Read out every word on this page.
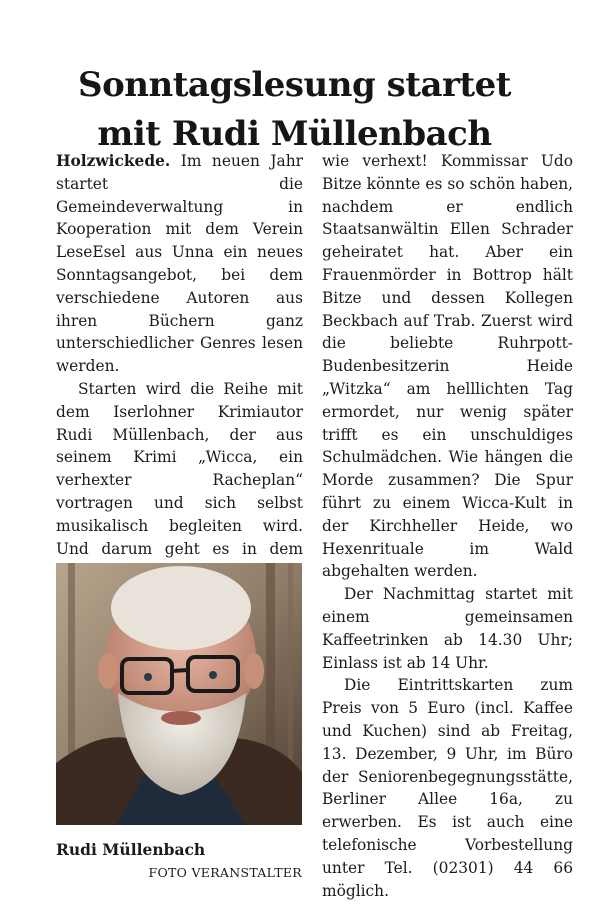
Sonntagslesung startet
mit Rudi Müllenbach

Holzwickede. Im neuen Jahr startet die Gemeindeverwaltung in Kooperation mit dem Verein LeseEsel aus Unna ein neues Sonntagsangebot, bei dem verschiedene Autoren aus ihren Büchern ganz unterschiedlicher Genres lesen werden.

Starten wird die Reihe mit dem Iserlohner Krimiautor Rudi Müllenbach, der aus seinem Krimi „Wicca, ein verhexter Racheplan“ vortragen und sich selbst musikalisch begleiten wird. Und darum geht es in dem

Rudi Müllenbach
FOTO VERANSTALTER

wie verhext! Kommissar Udo Bitze könnte es so schön haben, nachdem er endlich Staatsanwältin Ellen Schrader geheiratet hat. Aber ein Frauenmörder in Bottrop hält Bitze und dessen Kollegen Beckbach auf Trab. Zuerst wird die beliebte Ruhrpott-Budenbesitzerin Heide „Witzka“ am helllichten Tag ermordet, nur wenig später trifft es ein unschuldiges Schulmädchen. Wie hängen die Morde zusammen? Die Spur führt zu einem Wicca-Kult in der Kirchheller Heide, wo Hexenrituale im Wald abgehalten werden.

Der Nachmittag startet mit einem gemeinsamen Kaffeetrinken ab 14.30 Uhr; Einlass ist ab 14 Uhr.

Die Eintrittskarten zum Preis von 5 Euro (incl. Kaffee und Kuchen) sind ab Freitag, 13. Dezember, 9 Uhr, im Büro der Seniorenbegegnungsstätte, Berliner Allee 16a, zu erwerben. Es ist auch eine telefonische Vorbestellung unter Tel. (02301) 44 66 möglich.
